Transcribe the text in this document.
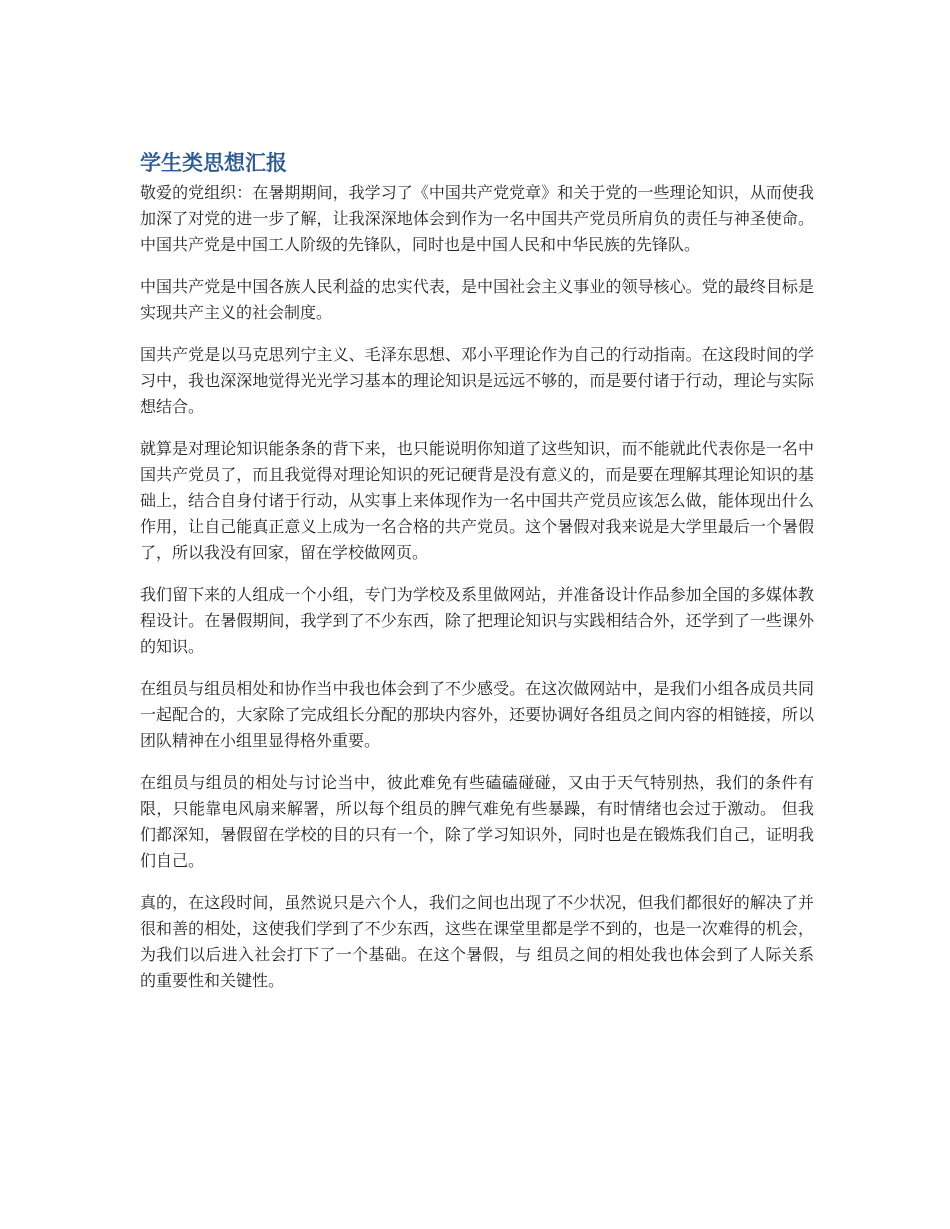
学生类思想汇报

敬爱的党组织：在暑期期间，我学习了《中国共产党党章》和关于党的一些理论知识，从而使我加深了对党的进一步了解，让我深深地体会到作为一名中国共产党员所肩负的责任与神圣使命。中国共产党是中国工人阶级的先锋队，同时也是中国人民和中华民族的先锋队。

中国共产党是中国各族人民利益的忠实代表，是中国社会主义事业的领导核心。党的最终目标是实现共产主义的社会制度。

国共产党是以马克思列宁主义、毛泽东思想、邓小平理论作为自己的行动指南。在这段时间的学习中，我也深深地觉得光光学习基本的理论知识是远远不够的，而是要付诸于行动，理论与实际想结合。

就算是对理论知识能条条的背下来，也只能说明你知道了这些知识，而不能就此代表你是一名中国共产党员了，而且我觉得对理论知识的死记硬背是没有意义的，而是要在理解其理论知识的基础上，结合自身付诸于行动，从实事上来体现作为一名中国共产党员应该怎么做，能体现出什么作用，让自己能真正意义上成为一名合格的共产党员。这个暑假对我来说是大学里最后一个暑假了，所以我没有回家，留在学校做网页。

我们留下来的人组成一个小组，专门为学校及系里做网站，并准备设计作品参加全国的多媒体教程设计。在暑假期间，我学到了不少东西，除了把理论知识与实践相结合外，还学到了一些课外的知识。

在组员与组员相处和协作当中我也体会到了不少感受。在这次做网站中，是我们小组各成员共同一起配合的，大家除了完成组长分配的那块内容外，还要协调好各组员之间内容的相链接，所以团队精神在小组里显得格外重要。

在组员与组员的相处与讨论当中，彼此难免有些磕磕碰碰，又由于天气特别热，我们的条件有限，只能靠电风扇来解署，所以每个组员的脾气难免有些暴躁，有时情绪也会过于激动。 但我们都深知，暑假留在学校的目的只有一个，除了学习知识外，同时也是在锻炼我们自己，证明我们自己。

真的，在这段时间，虽然说只是六个人，我们之间也出现了不少状况，但我们都很好的解决了并很和善的相处，这使我们学到了不少东西，这些在课堂里都是学不到的，也是一次难得的机会，为我们以后进入社会打下了一个基础。在这个暑假，与 组员之间的相处我也体会到了人际关系的重要性和关键性。
